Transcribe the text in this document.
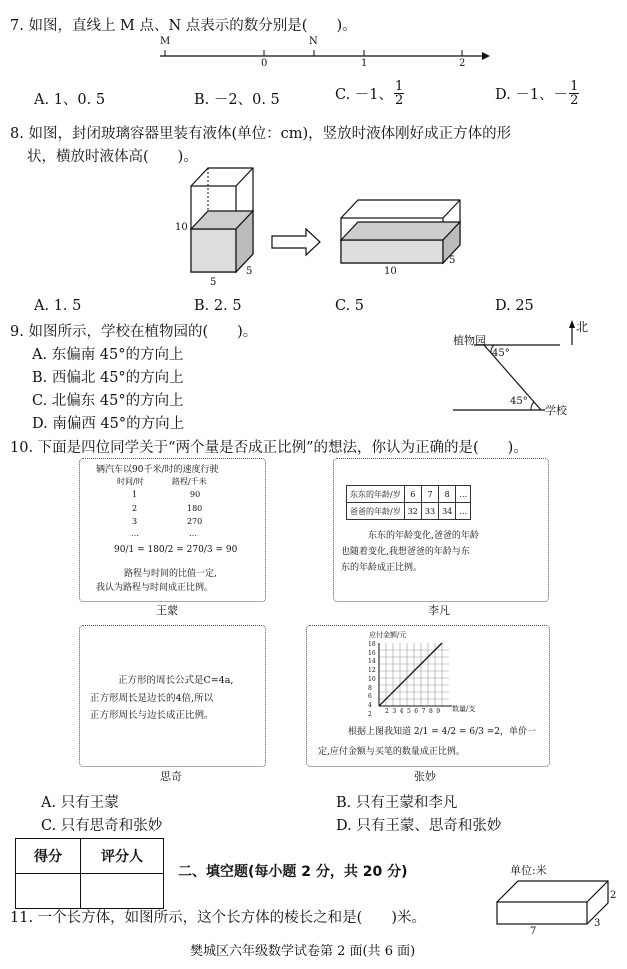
7. 如图，直线上 M 点、N 点表示的数分别是(　　)。
M	N
0	1	2
A. 1、0. 5	B. －2、0. 5	C. －1、 $\frac{1}{2}$	D. －1、－ $\frac{1}{2}$
8. 如图，封闭玻璃容器里装有液体(单位：cm)，竖放时液体刚好成正方体的形
状，横放时液体高(　　)。
10
5
5	10
5
A. 1. 5	B. 2. 5	C. 5	D. 25
9. 如图所示，学校在植物园的(　　)。
A. 东偏南 45°的方向上
B. 西偏北 45°的方向上
C. 北偏东 45°的方向上
D. 南偏西 45°的方向上
植物园
45°
45°
学校
北
10. 下面是四位同学关于“两个量是否成正比例”的想法，你认为正确的是(　　)。
辆汽车以90千米/时的速度行驶
时间/时	路程/千米
1	90
2	180
3	270
…	…
90/1 = 180/2 = 270/3 = 90
路程与时间的比值一定,
我认为路程与时间成正比例。
王蒙
东东的年龄/岁	6	7	8	…
爸爸的年龄/岁	32	33	34	…
东东的年龄变化,爸爸的年龄
也随着变化,我想爸爸的年龄与东
东的年龄成正比例。
李凡
正方形的周长公式是C=4a,
正方形周长是边长的4倍,所以
正方形周长与边长成正比例。
思奇
应付金额/元
18
16
14
12
10
8
6
4
2	2 3 4 5 6 7 8 9 数量/支
根据上图我知道 2/1 = 4/2 = 6/3 =2，单价一
定,应付金额与买笔的数量成正比例。
张妙
A. 只有王蒙	B. 只有王蒙和李凡
C. 只有思奇和张妙	D. 只有王蒙、思奇和张妙
得分	评分人

二、填空题(每小题 2 分，共 20 分)
11. 一个长方体，如图所示，这个长方体的棱长之和是(　　)米。
单位:米
7
3
2
樊城区六年级数学试卷第 2 面(共 6 面)
